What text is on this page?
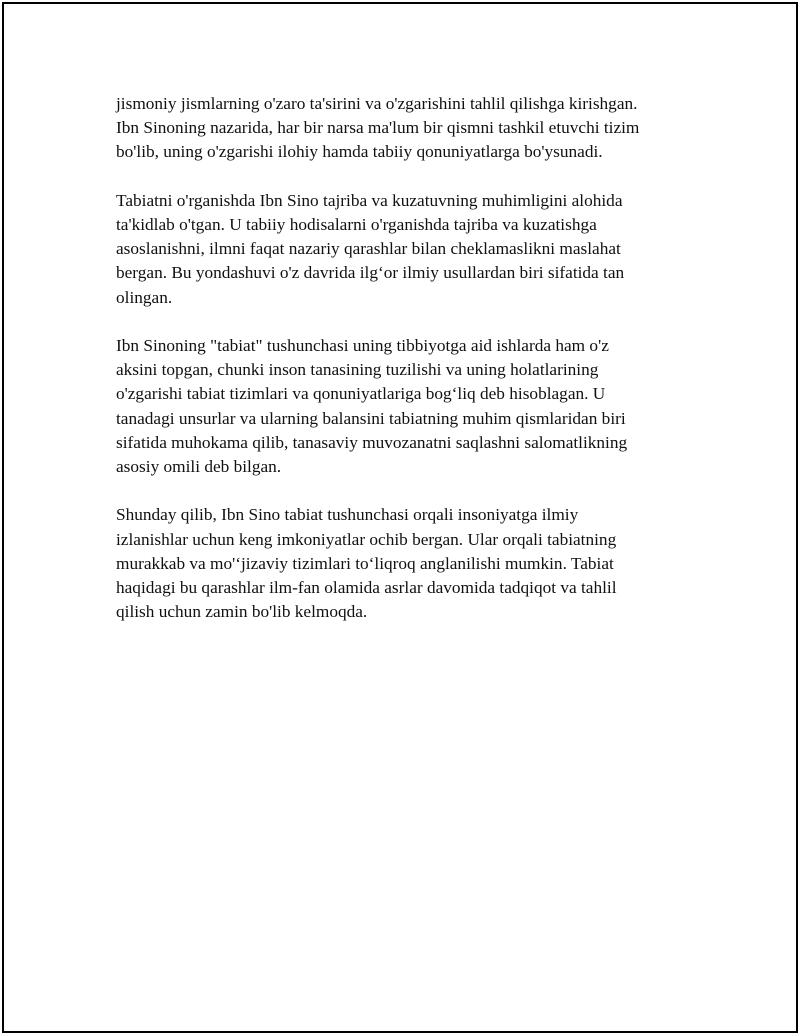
jismoniy jismlarning o'zaro ta'sirini va o'zgarishini tahlil qilishga kirishgan.
Ibn Sinoning nazarida, har bir narsa ma'lum bir qismni tashkil etuvchi tizim
bo'lib, uning o'zgarishi ilohiy hamda tabiiy qonuniyatlarga bo'ysunadi.

Tabiatni o'rganishda Ibn Sino tajriba va kuzatuvning muhimligini alohida
ta'kidlab o'tgan. U tabiiy hodisalarni o'rganishda tajriba va kuzatishga
asoslanishni, ilmni faqat nazariy qarashlar bilan cheklamaslikni maslahat
bergan. Bu yondashuvi o'z davrida ilg‘or ilmiy usullardan biri sifatida tan
olingan.

Ibn Sinoning "tabiat" tushunchasi uning tibbiyotga aid ishlarda ham o'z
aksini topgan, chunki inson tanasining tuzilishi va uning holatlarining
o'zgarishi tabiat tizimlari va qonuniyatlariga bog‘liq deb hisoblagan. U
tanadagi unsurlar va ularning balansini tabiatning muhim qismlaridan biri
sifatida muhokama qilib, tanasaviy muvozanatni saqlashni salomatlikning
asosiy omili deb bilgan.

Shunday qilib, Ibn Sino tabiat tushunchasi orqali insoniyatga ilmiy
izlanishlar uchun keng imkoniyatlar ochib bergan. Ular orqali tabiatning
murakkab va mo'‘jizaviy tizimlari to‘liqroq anglanilishi mumkin. Tabiat
haqidagi bu qarashlar ilm-fan olamida asrlar davomida tadqiqot va tahlil
qilish uchun zamin bo'lib kelmoqda.
